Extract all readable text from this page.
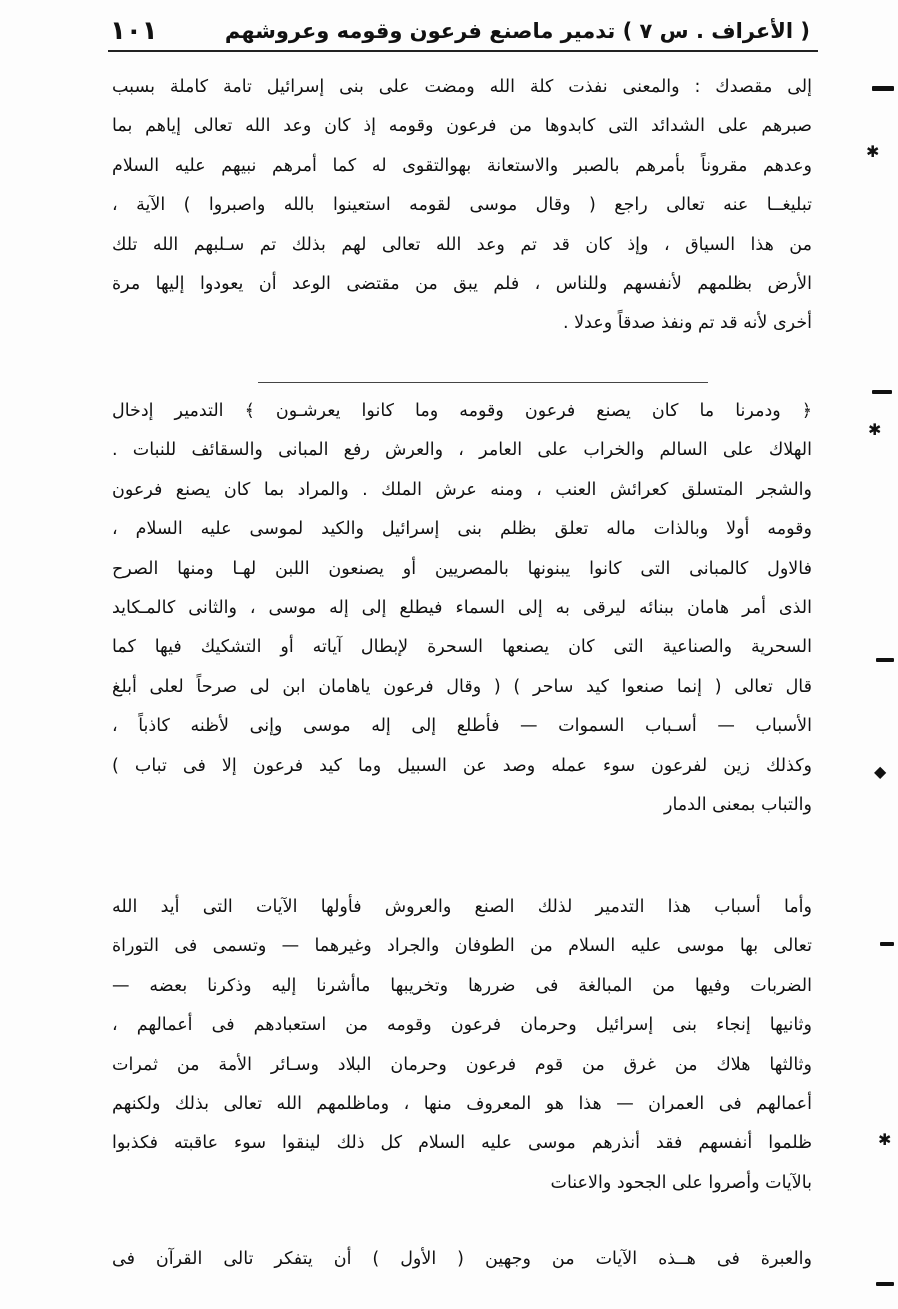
( الأعراف . س ٧ ) تدمير ماصنع فرعون وقومه وعروشهم
١٠١
إلى مقصدك : والمعنى نفذت كلة الله ومضت على بنى إسرائيل تامة كاملة بسبب
صبرهم على الشدائد التى كابدوها من فرعون وقومه إذ كان وعد الله تعالى إياهم بما
وعدهم مقروناً بأمرهم بالصبر والاستعانة بهوالتقوى له كما أمرهم نبيهم عليه السلام
تبليغــا عنه تعالى راجع ( وقال موسى لقومه استعينوا بالله واصبروا ) الآية ،
من هذا السياق ، وإذ كان قد تم وعد الله تعالى لهم بذلك تم سـلبهم الله تلك
الأرض بظلمهم لأنفسهم وللناس ، فلم يبق من مقتضى الوعد أن يعودوا إليها مرة
أخرى لأنه قد تم ونفذ صدقاً وعدلا .
﴿ ودمرنا ما كان يصنع فرعون وقومه وما كانوا يعرشـون ﴾ التدمير إدخال
الهلاك على السالم والخراب على العامر ، والعرش رفع المبانى والسقائف للنبات .
والشجر المتسلق كعرائش العنب ، ومنه عرش الملك . والمراد بما كان يصنع فرعون
وقومه أولا وبالذات ماله تعلق بظلم بنى إسرائيل والكيد لموسى عليه السلام ،
فالاول كالمبانى التى كانوا يبنونها بالمصريين أو يصنعون اللبن لهـا ومنها الصرح
الذى أمر هامان ببنائه ليرقى به إلى السماء فيطلع إلى إله موسى ، والثانى كالمـكايد
السحرية والصناعية التى كان يصنعها السحرة لإبطال آياته أو التشكيك فيها كما
قال تعالى ( إنما صنعوا كيد ساحر ) ( وقال فرعون ياهامان ابن لى صرحاً لعلى أبلغ
الأسباب — أسـباب السموات — فأطلع إلى إله موسى وإنى لأظنه كاذباً ،
وكذلك زين لفرعون سوء عمله وصد عن السبيل وما كيد فرعون إلا فى تباب )
والتباب بمعنى الدمار
وأما أسباب هذا التدمير لذلك الصنع والعروش فأولها الآيات التى أيد الله
تعالى بها موسى عليه السلام من الطوفان والجراد وغيرهما — وتسمى فى التوراة
الضربات وفيها من المبالغة فى ضررها وتخريبها ماأشرنا إليه وذكرنا بعضه —
وثانيها إنجاء بنى إسرائيل وحرمان فرعون وقومه من استعبادهم فى أعمالهم ،
وثالثها هلاك من غرق من قوم فرعون وحرمان البلاد وسـائر الأمة من ثمرات
أعمالهم فى العمران — هذا هو المعروف منها ، وماظلمهم الله تعالى بذلك ولكنهم
ظلموا أنفسهم فقد أنذرهم موسى عليه السلام كل ذلك لينقوا سوء عاقبته فكذبوا
بالآيات وأصروا على الجحود والاعنات
والعبرة فى هــذه الآيات من وجهين ( الأول ) أن يتفكر تالى القرآن فى
✱
✱
◆
✱
